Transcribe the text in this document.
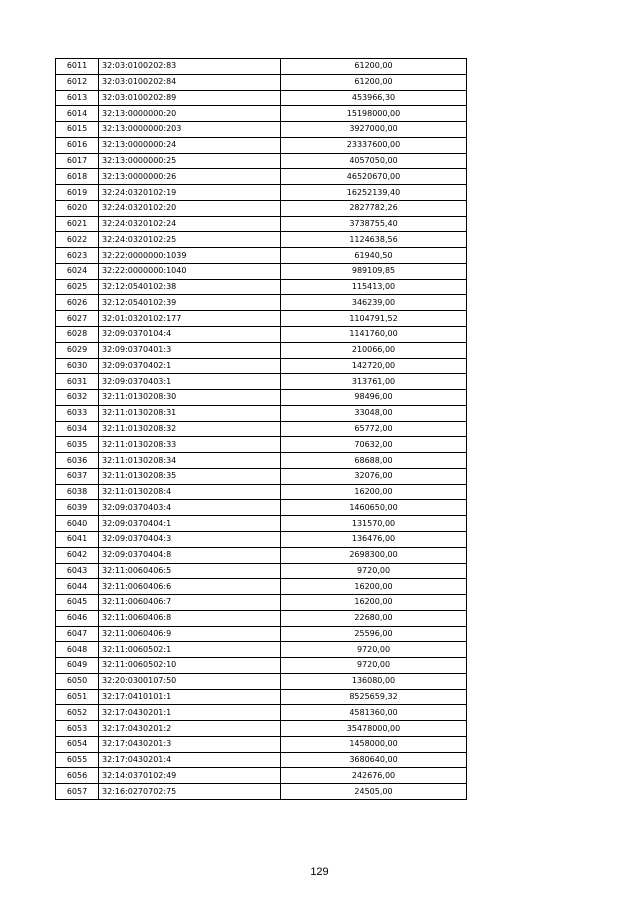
6011	32:03:0100202:83	61200,00
6012	32:03:0100202:84	61200,00
6013	32:03:0100202:89	453966,30
6014	32:13:0000000:20	15198000,00
6015	32:13:0000000:203	3927000,00
6016	32:13:0000000:24	23337600,00
6017	32:13:0000000:25	4057050,00
6018	32:13:0000000:26	46520670,00
6019	32:24:0320102:19	16252139,40
6020	32:24:0320102:20	2827782,26
6021	32:24:0320102:24	3738755,40
6022	32:24:0320102:25	1124638,56
6023	32:22:0000000:1039	61940,50
6024	32:22:0000000:1040	989109,85
6025	32:12:0540102:38	115413,00
6026	32:12:0540102:39	346239,00
6027	32:01:0320102:177	1104791,52
6028	32:09:0370104:4	1141760,00
6029	32:09:0370401:3	210066,00
6030	32:09:0370402:1	142720,00
6031	32:09:0370403:1	313761,00
6032	32:11:0130208:30	98496,00
6033	32:11:0130208:31	33048,00
6034	32:11:0130208:32	65772,00
6035	32:11:0130208:33	70632,00
6036	32:11:0130208:34	68688,00
6037	32:11:0130208:35	32076,00
6038	32:11:0130208:4	16200,00
6039	32:09:0370403:4	1460650,00
6040	32:09:0370404:1	131570,00
6041	32:09:0370404:3	136476,00
6042	32:09:0370404:8	2698300,00
6043	32:11:0060406:5	9720,00
6044	32:11:0060406:6	16200,00
6045	32:11:0060406:7	16200,00
6046	32:11:0060406:8	22680,00
6047	32:11:0060406:9	25596,00
6048	32:11:0060502:1	9720,00
6049	32:11:0060502:10	9720,00
6050	32:20:0300107:50	136080,00
6051	32:17:0410101:1	8525659,32
6052	32:17:0430201:1	4581360,00
6053	32:17:0430201:2	35478000,00
6054	32:17:0430201:3	1458000,00
6055	32:17:0430201:4	3680640,00
6056	32:14:0370102:49	242676,00
6057	32:16:0270702:75	24505,00
129
